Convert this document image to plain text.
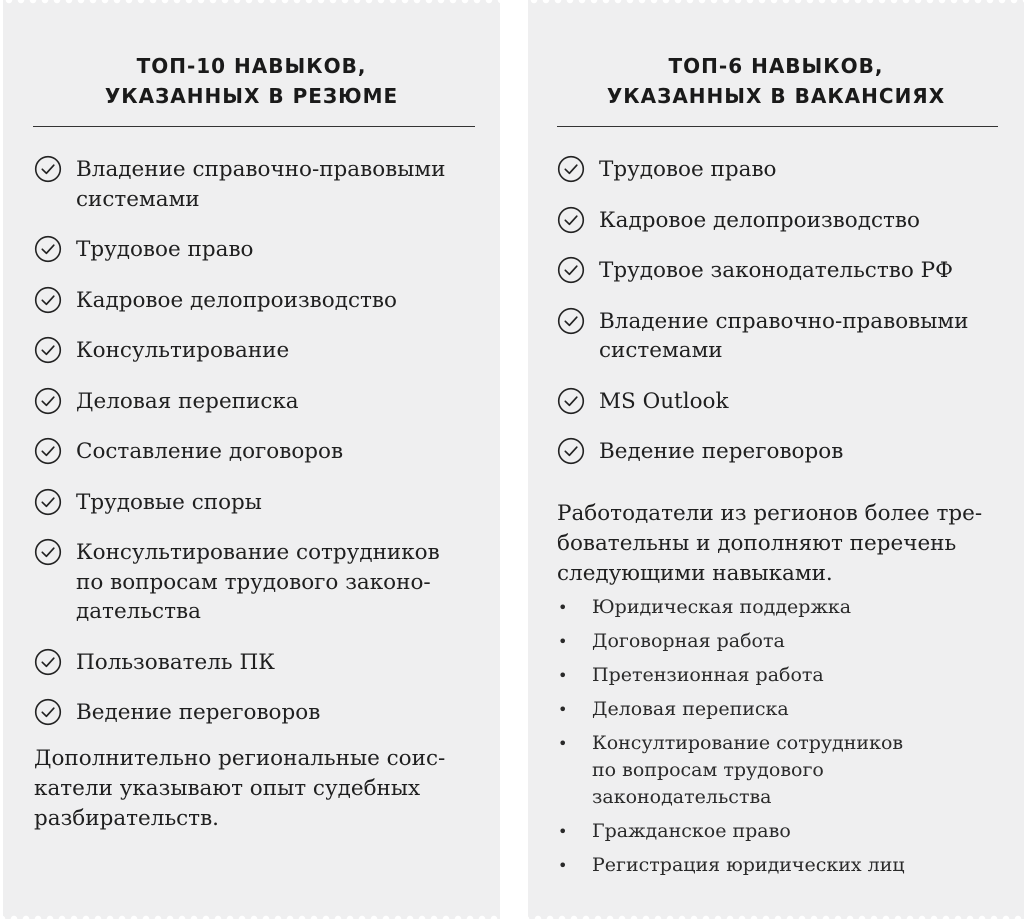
ТОП-10 НАВЫКОВ,
УКАЗАННЫХ В РЕЗЮМЕ
Владение справочно-правовыми
системами
Трудовое право
Кадровое делопроизводство
Консультирование
Деловая переписка
Составление договоров
Трудовые споры
Консультирование сотрудников
по вопросам трудового законо-
дательства
Пользователь ПК
Ведение переговоров

Дополнительно региональные соис-
катели указывают опыт судебных
разбирательств.

ТОП-6 НАВЫКОВ,
УКАЗАННЫХ В ВАКАНСИЯХ
Трудовое право
Кадровое делопроизводство
Трудовое законодательство РФ
Владение справочно-правовыми
системами
MS Outlook
Ведение переговоров

Работодатели из регионов более тре-
бовательны и дополняют перечень
следующими навыками.

• Юридическая поддержка
• Договорная работа
• Претензионная работа
• Деловая переписка
• Консултирование сотрудников
по вопросам трудового
законодательства
• Гражданское право
• Регистрация юридических лиц
